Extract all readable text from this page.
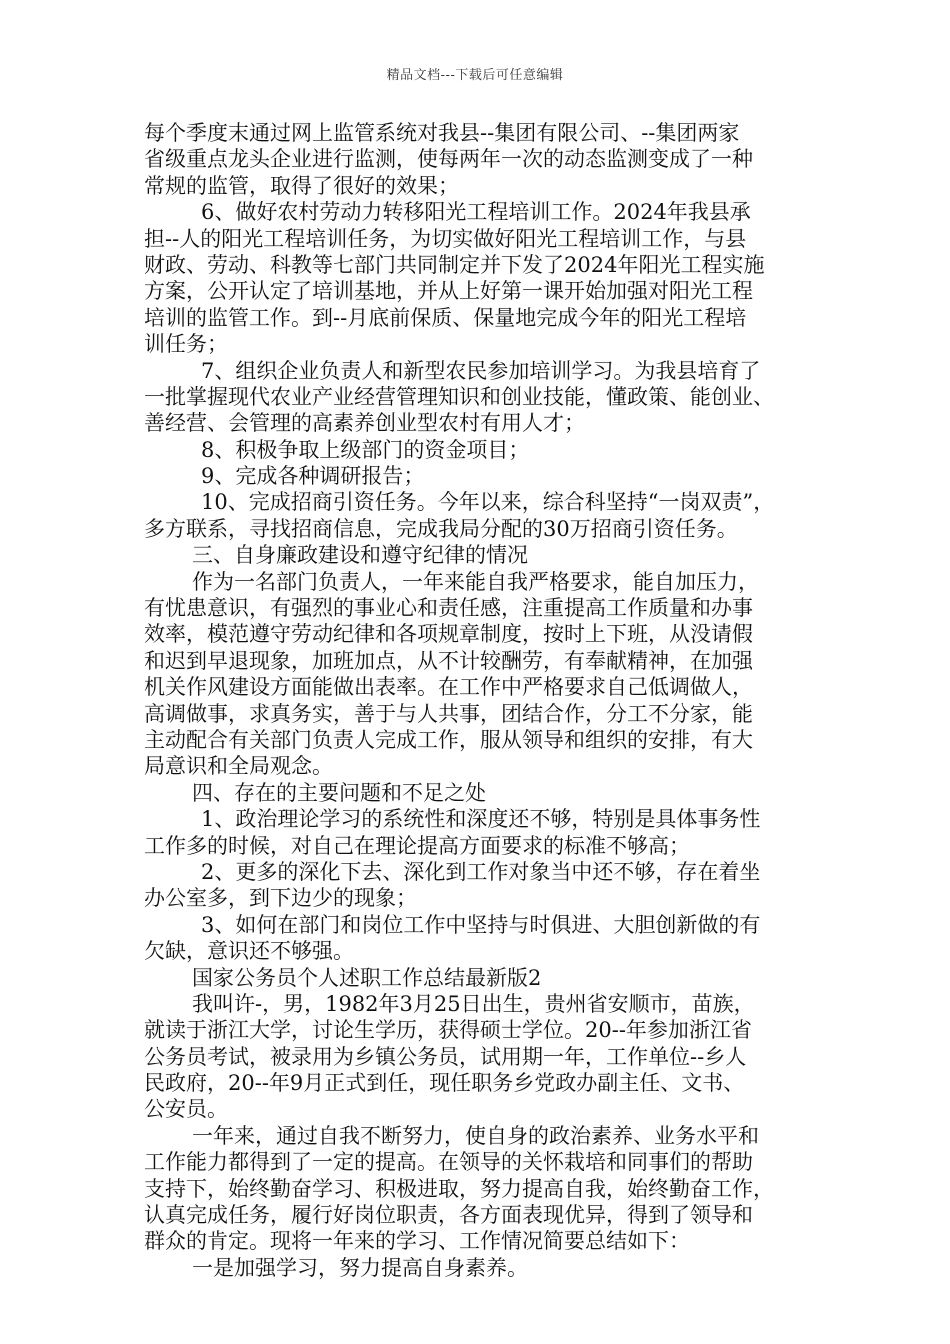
精品文档---下载后可任意编辑
每个季度末通过网上监管系统对我县--集团有限公司、--集团两家
省级重点龙头企业进行监测，使每两年一次的动态监测变成了一种
常规的监管，取得了很好的效果；
6、做好农村劳动力转移阳光工程培训工作。2024年我县承
担--人的阳光工程培训任务，为切实做好阳光工程培训工作，与县
财政、劳动、科教等七部门共同制定并下发了2024年阳光工程实施
方案，公开认定了培训基地，并从上好第一课开始加强对阳光工程
培训的监管工作。到--月底前保质、保量地完成今年的阳光工程培
训任务；
7、组织企业负责人和新型农民参加培训学习。为我县培育了
一批掌握现代农业产业经营管理知识和创业技能，懂政策、能创业、
善经营、会管理的高素养创业型农村有用人才；
8、积极争取上级部门的资金项目；
9、完成各种调研报告；
10、完成招商引资任务。今年以来，综合科坚持“一岗双责”，
多方联系，寻找招商信息，完成我局分配的30万招商引资任务。
三、自身廉政建设和遵守纪律的情况
作为一名部门负责人，一年来能自我严格要求，能自加压力，
有忧患意识，有强烈的事业心和责任感，注重提高工作质量和办事
效率，模范遵守劳动纪律和各项规章制度，按时上下班，从没请假
和迟到早退现象，加班加点，从不计较酬劳，有奉献精神，在加强
机关作风建设方面能做出表率。在工作中严格要求自己低调做人，
高调做事，求真务实，善于与人共事，团结合作，分工不分家，能
主动配合有关部门负责人完成工作，服从领导和组织的安排，有大
局意识和全局观念。
四、存在的主要问题和不足之处
1、政治理论学习的系统性和深度还不够，特别是具体事务性
工作多的时候，对自己在理论提高方面要求的标准不够高；
2、更多的深化下去、深化到工作对象当中还不够，存在着坐
办公室多，到下边少的现象；
3、如何在部门和岗位工作中坚持与时俱进、大胆创新做的有
欠缺，意识还不够强。
国家公务员个人述职工作总结最新版2
我叫许-，男，1982年3月25日出生，贵州省安顺市，苗族，
就读于浙江大学，讨论生学历，获得硕士学位。20--年参加浙江省
公务员考试，被录用为乡镇公务员，试用期一年，工作单位--乡人
民政府，20--年9月正式到任，现任职务乡党政办副主任、文书、
公安员。
一年来，通过自我不断努力，使自身的政治素养、业务水平和
工作能力都得到了一定的提高。在领导的关怀栽培和同事们的帮助
支持下，始终勤奋学习、积极进取，努力提高自我，始终勤奋工作，
认真完成任务，履行好岗位职责，各方面表现优异，得到了领导和
群众的肯定。现将一年来的学习、工作情况简要总结如下：
一是加强学习，努力提高自身素养。
